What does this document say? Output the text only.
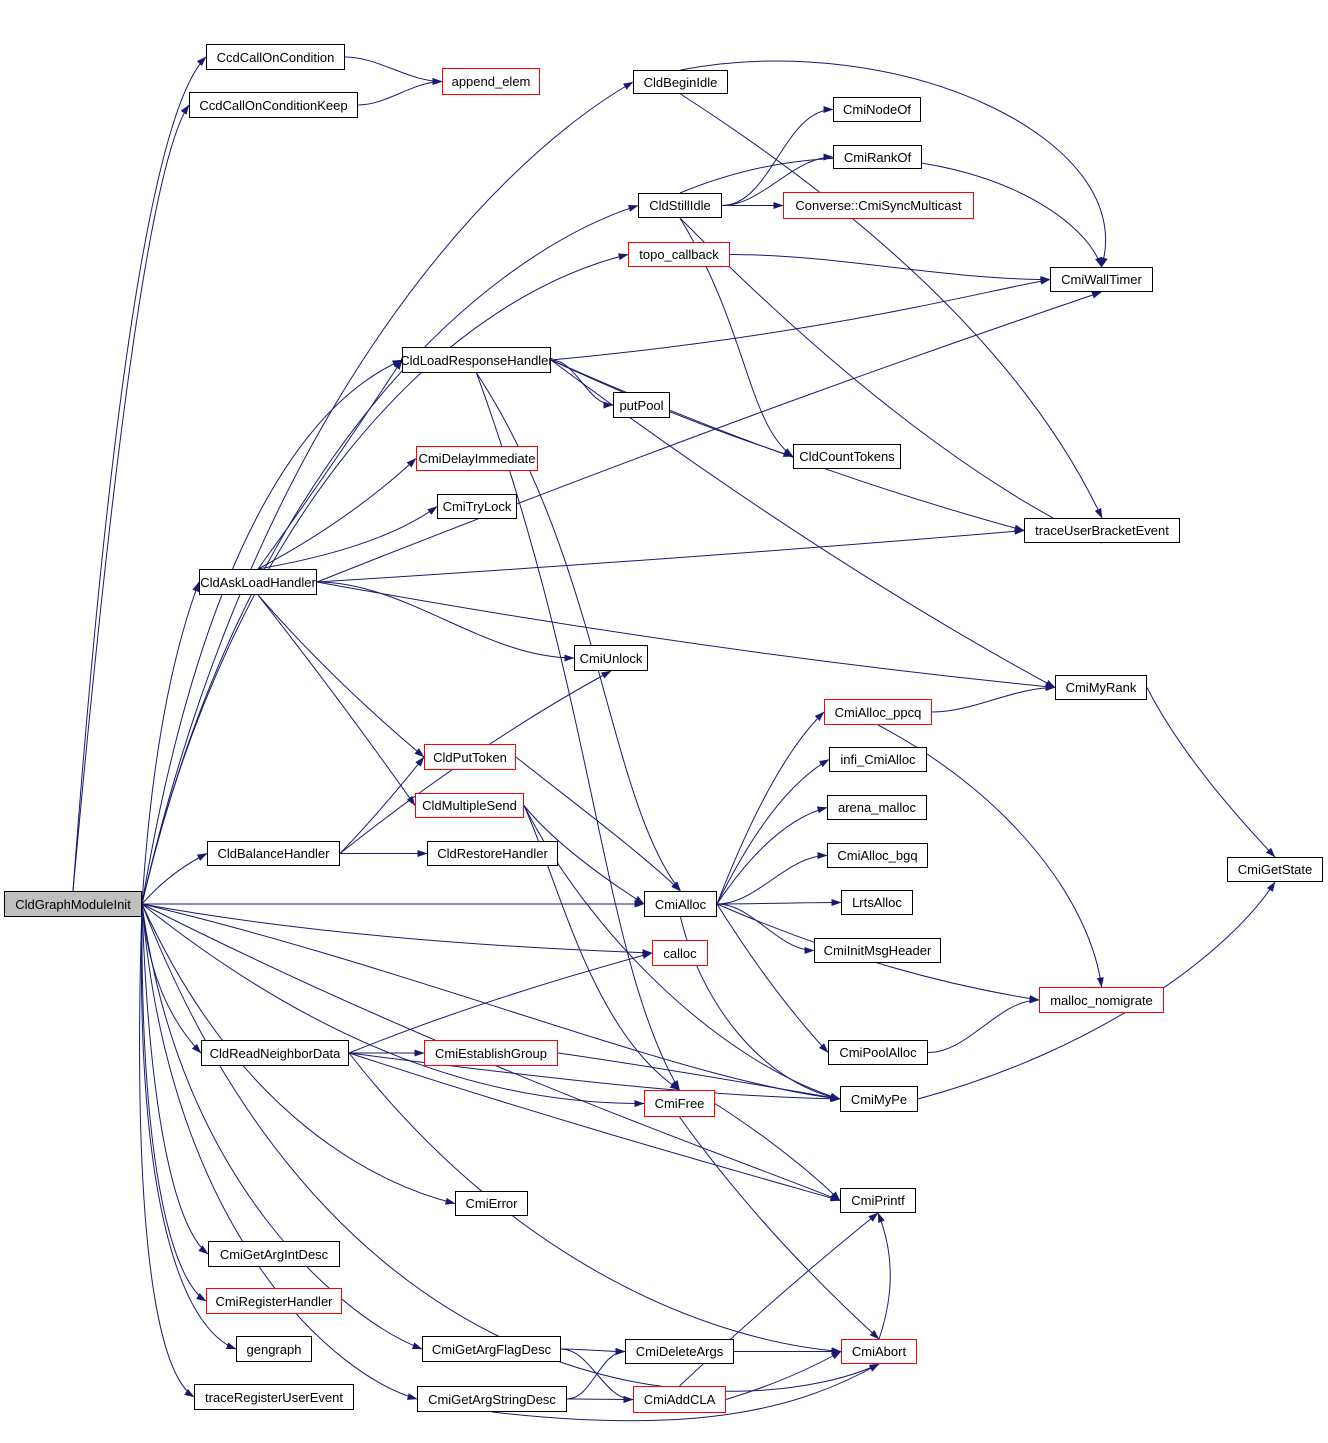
CldGraphModuleInit
CcdCallOnCondition
CcdCallOnConditionKeep
append_elem	CldBeginIdle
CmiNodeOf
CmiRankOf
CldStillIdle	Converse::CmiSyncMulticast
topo_callback
CmiWallTimer
CldLoadResponseHandler
putPool
CldCountTokens
CmiDelayImmediate
CmiTryLock
traceUserBracketEvent
CldAskLoadHandler
CmiUnlock
CmiMyRank
CmiAlloc_ppcq
CldPutToken	infi_CmiAlloc
arena_malloc
CldMultipleSend
CmiAlloc_bgq
CldBalanceHandler	CldRestoreHandler
CmiAlloc	LrtsAlloc
CmiGetState
calloc	CmiInitMsgHeader
malloc_nomigrate
CmiPoolAlloc
CldReadNeighborData	CmiEstablishGroup
CmiFree	CmiMyPe
CmiError	CmiPrintf
CmiGetArgIntDesc
CmiRegisterHandler
gengraph
traceRegisterUserEvent
CmiGetArgFlagDesc
CmiGetArgStringDesc
CmiDeleteArgs
CmiAddCLA
CmiAbort
